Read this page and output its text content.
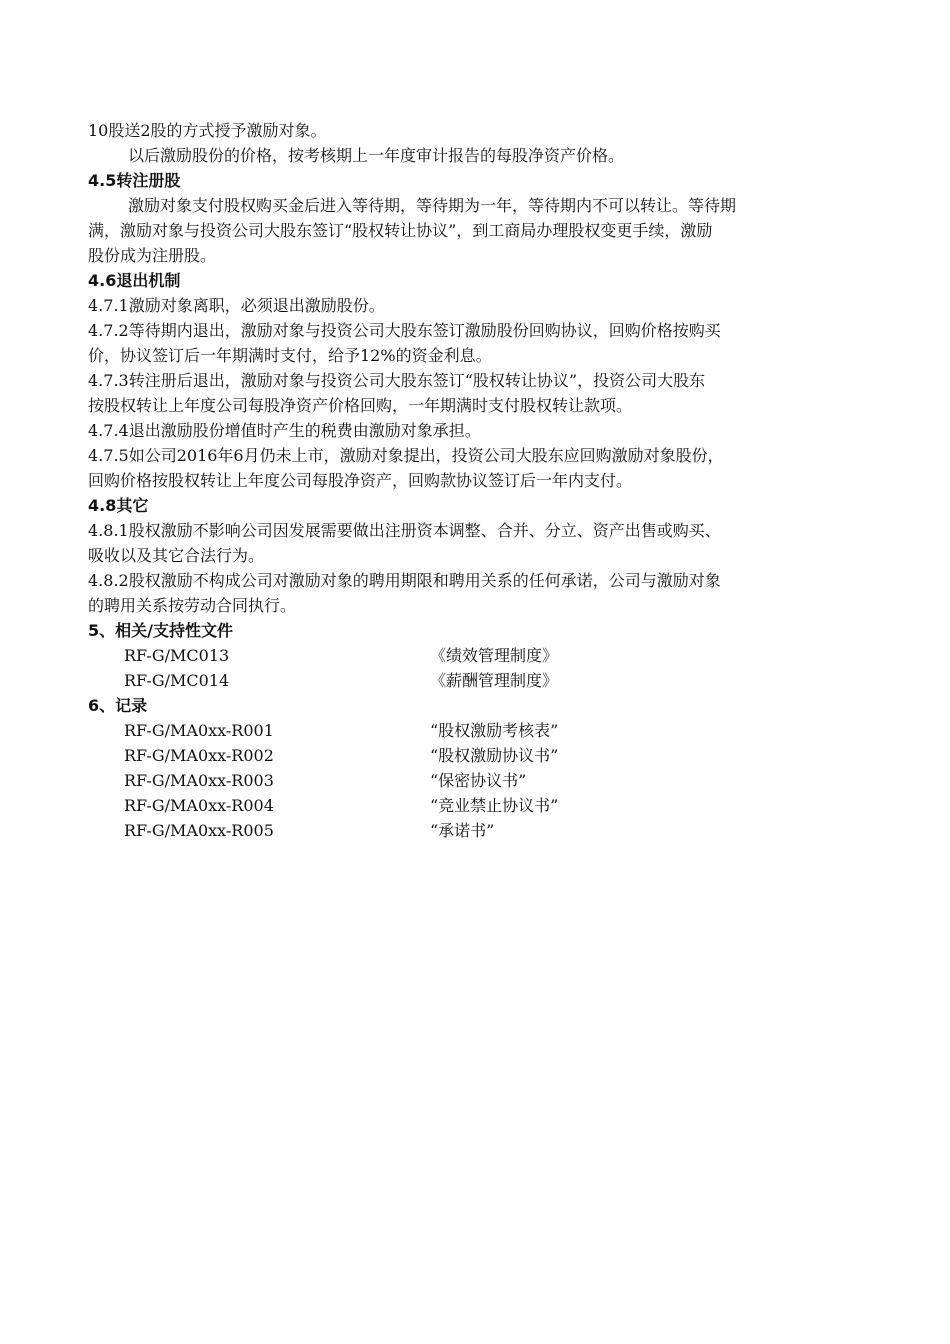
10股送2股的方式授予激励对象。
以后激励股份的价格，按考核期上一年度审计报告的每股净资产价格。
4.5转注册股
激励对象支付股权购买金后进入等待期，等待期为一年，等待期内不可以转让。等待期
满，激励对象与投资公司大股东签订“股权转让协议”，到工商局办理股权变更手续，激励
股份成为注册股。
4.6退出机制
4.7.1激励对象离职，必须退出激励股份。
4.7.2等待期内退出，激励对象与投资公司大股东签订激励股份回购协议，回购价格按购买
价，协议签订后一年期满时支付，给予12%的资金利息。
4.7.3转注册后退出，激励对象与投资公司大股东签订“股权转让协议”，投资公司大股东
按股权转让上年度公司每股净资产价格回购，一年期满时支付股权转让款项。
4.7.4退出激励股份增值时产生的税费由激励对象承担。
4.7.5如公司2016年6月仍未上市，激励对象提出，投资公司大股东应回购激励对象股份，
回购价格按股权转让上年度公司每股净资产，回购款协议签订后一年内支付。
4.8其它
4.8.1股权激励不影响公司因发展需要做出注册资本调整、合并、分立、资产出售或购买、
吸收以及其它合法行为。
4.8.2股权激励不构成公司对激励对象的聘用期限和聘用关系的任何承诺，公司与激励对象
的聘用关系按劳动合同执行。
5、相关/支持性文件
RF-G/MC013	《绩效管理制度》
RF-G/MC014	《薪酬管理制度》
6、记录
RF-G/MA0xx-R001	“股权激励考核表”
RF-G/MA0xx-R002	“股权激励协议书”
RF-G/MA0xx-R003	“保密协议书”
RF-G/MA0xx-R004	“竞业禁止协议书”
RF-G/MA0xx-R005	“承诺书”
